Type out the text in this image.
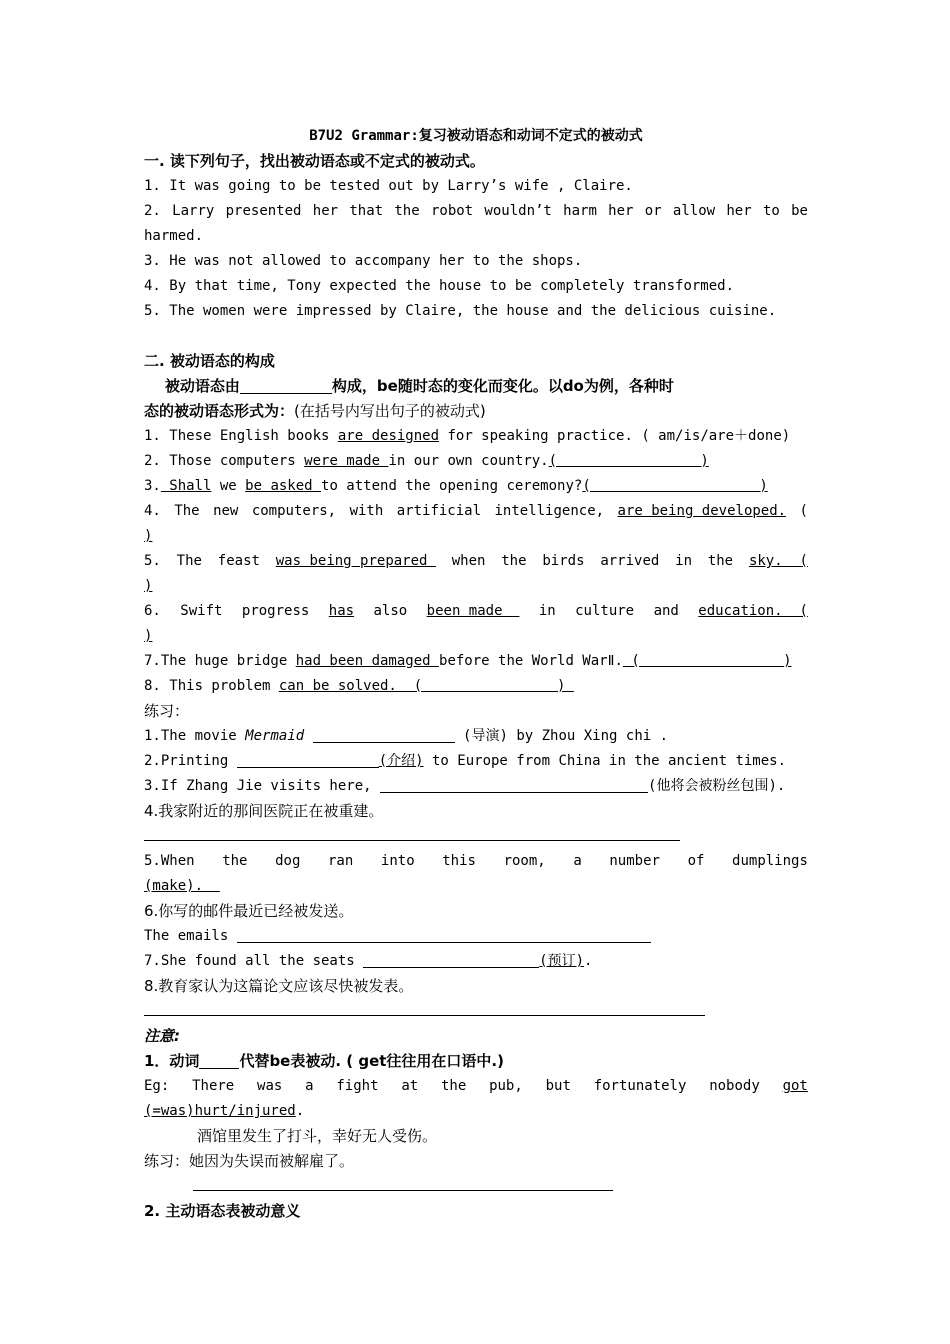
B7U2 Grammar:复习被动语态和动词不定式的被动式
一. 读下列句子，找出被动语态或不定式的被动式。
1. It was going to be tested out by Larry’s wife , Claire.
2. Larry presented her that the robot wouldn’t harm her or allow her to be
harmed.
3. He was not allowed to accompany her to the shops.
4. By that time, Tony expected the house to be completely transformed.
5. The women were impressed by Claire, the house and the delicious cuisine.
二. 被动语态的构成
被动语态由	构成，be随时态的变化而变化。以do为例，各种时
态的被动语态形式为：(在括号内写出句子的被动式)
1. These English books are designed for speaking practice. ( am/is/are＋done)
2. Those computers were made in our own country.(                 )
3. Shall we be asked to attend the opening ceremony?(                    )
4. The new computers, with artificial intelligence, are being developed. (
)
5. The feast was being prepared when the birds arrived in the sky.  (
)
6. Swift progress has also been made in culture and education.  (
)
7.The huge bridge had been damaged before the World WarⅡ. (                 )
8. This problem can be solved.  (                )
练习：
1.The movie Mermaid	(导演) by Zhou Xing chi .
2.Printing	(介绍) to Europe from China in the ancient times.
3.If Zhang Jie visits here,	(他将会被粉丝包围).
4.我家附近的那间医院正在被重建。
5.When the dog ran into this room, a number of dumplings
(make).
6.你写的邮件最近已经被发送。
The emails
7.She found all the seats	(预订).
8.教育家认为这篇论文应该尽快被发表。
注意:
1．动词	代替be表被动. ( get往往用在口语中.)
Eg: There was a fight at the pub, but fortunately nobody got
(=was)hurt/injured.
酒馆里发生了打斗，幸好无人受伤。
练习：她因为失误而被解雇了。
2. 主动语态表被动意义
